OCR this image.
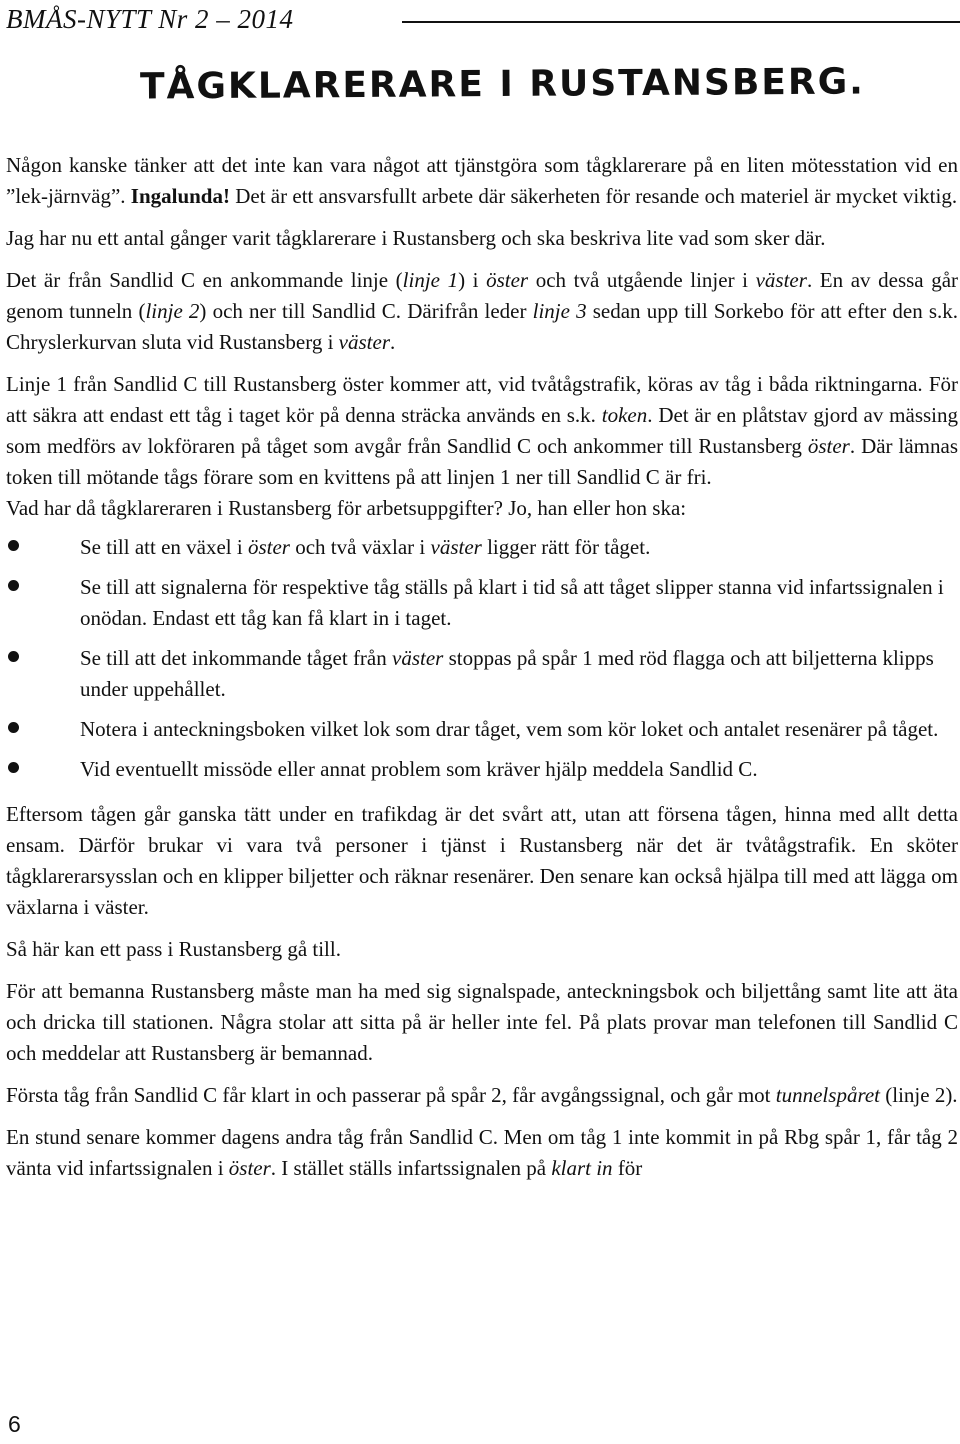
BMÅS-NYTT Nr 2 – 2014
TÅGKLARERARE I RUSTANSBERG.

Någon kanske tänker att det inte kan vara något att tjänstgöra som tågklarerare på en liten mötesstation vid en ”lek-järnväg”. Ingalunda! Det är ett ansvarsfullt arbete där säkerheten för resande och materiel är mycket viktig.

Jag har nu ett antal gånger varit tågklarerare i Rustansberg och ska beskriva lite vad som sker där.

Det är från Sandlid C en ankommande linje (linje 1) i öster och två utgående linjer i väster. En av dessa går genom tunneln (linje 2) och ner till Sandlid C. Därifrån leder linje 3 sedan upp till Sorkebo för att efter den s.k. Chryslerkurvan sluta vid Rustansberg i väster.

Linje 1 från Sandlid C till Rustansberg öster kommer att, vid tvåtågstrafik, köras av tåg i båda riktningarna. För att säkra att endast ett tåg i taget kör på denna sträcka används en s.k. token. Det är en plåtstav gjord av mässing som medförs av lokföraren på tåget som avgår från Sandlid C och ankommer till Rustansberg öster. Där lämnas token till mötande tågs förare som en kvittens på att linjen 1 ner till Sandlid C är fri.

Vad har då tågklareraren i Rustansberg för arbetsuppgifter? Jo, han eller hon ska:

Se till att en växel i öster och två växlar i väster ligger rätt för tåget.
Se till att signalerna för respektive tåg ställs på klart i tid så att tåget slipper stanna vid infartssignalen i onödan. Endast ett tåg kan få klart in i taget.
Se till att det inkommande tåget från väster stoppas på spår 1 med röd flagga och att biljetterna klipps under uppehållet.
Notera i anteckningsboken vilket lok som drar tåget, vem som kör loket och antalet resenärer på tåget.
Vid eventuellt missöde eller annat problem som kräver hjälp meddela Sandlid C.

Eftersom tågen går ganska tätt under en trafikdag är det svårt att, utan att försena tågen, hinna med allt detta ensam. Därför brukar vi vara två personer i tjänst i Rustansberg när det är tvåtågstrafik. En sköter tågklarerarsysslan och en klipper biljetter och räknar resenärer. Den senare kan också hjälpa till med att lägga om växlarna i väster.

Så här kan ett pass i Rustansberg gå till.

För att bemanna Rustansberg måste man ha med sig signalspade, anteckningsbok och biljettång samt lite att äta och dricka till stationen. Några stolar att sitta på är heller inte fel. På plats provar man telefonen till Sandlid C och meddelar att Rustansberg är bemannad.

Första tåg från Sandlid C får klart in och passerar på spår 2, får avgångssignal, och går mot tunnelspåret (linje 2).

En stund senare kommer dagens andra tåg från Sandlid C. Men om tåg 1 inte kommit in på Rbg spår 1, får tåg 2 vänta vid infartssignalen i öster. I stället ställs infartssignalen på klart in för

6
